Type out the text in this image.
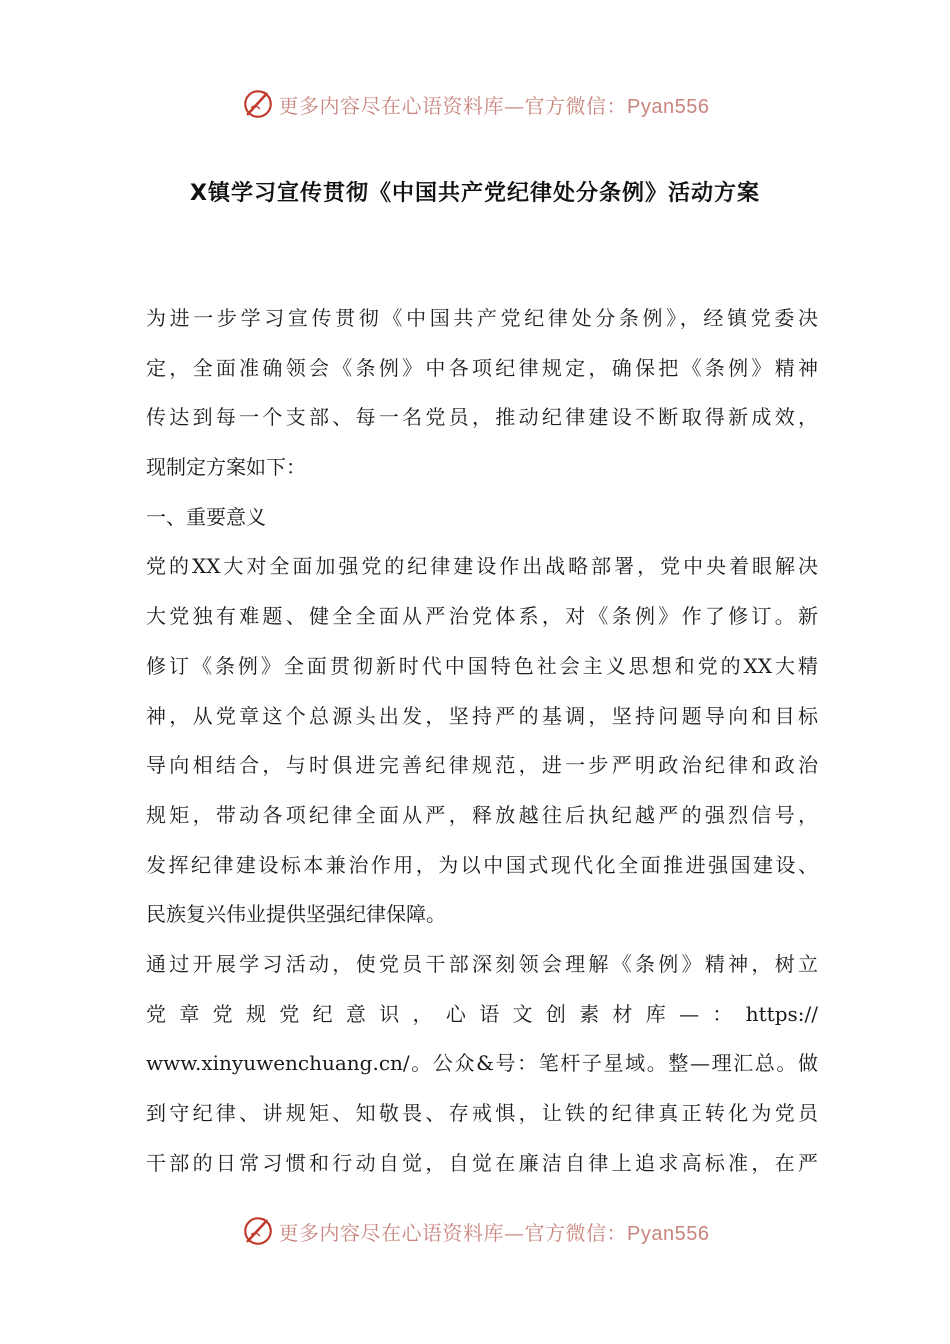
更多内容尽在心语资料库—官方微信：Pyan556
X镇学习宣传贯彻《中国共产党纪律处分条例》活动方案
为进一步学习宣传贯彻《中国共产党纪律处分条例》，经镇党委决
定，全面准确领会《条例》中各项纪律规定，确保把《条例》精神
传达到每一个支部、每一名党员，推动纪律建设不断取得新成效，
现制定方案如下：
一、重要意义
党的XX大对全面加强党的纪律建设作出战略部署，党中央着眼解决
大党独有难题、健全全面从严治党体系，对《条例》作了修订。新
修订《条例》全面贯彻新时代中国特色社会主义思想和党的XX大精
神，从党章这个总源头出发，坚持严的基调，坚持问题导向和目标
导向相结合，与时俱进完善纪律规范，进一步严明政治纪律和政治
规矩，带动各项纪律全面从严，释放越往后执纪越严的强烈信号，
发挥纪律建设标本兼治作用，为以中国式现代化全面推进强国建设、
民族复兴伟业提供坚强纪律保障。
通过开展学习活动，使党员干部深刻领会理解《条例》精神，树立
党章党规党纪意识，心语文创素材库—：https://
www.xinyuwenchuang.cn/。公众&号：笔杆子星域。整—理汇总。做
到守纪律、讲规矩、知敬畏、存戒惧，让铁的纪律真正转化为党员
干部的日常习惯和行动自觉，自觉在廉洁自律上追求高标准，在严
更多内容尽在心语资料库—官方微信：Pyan556
